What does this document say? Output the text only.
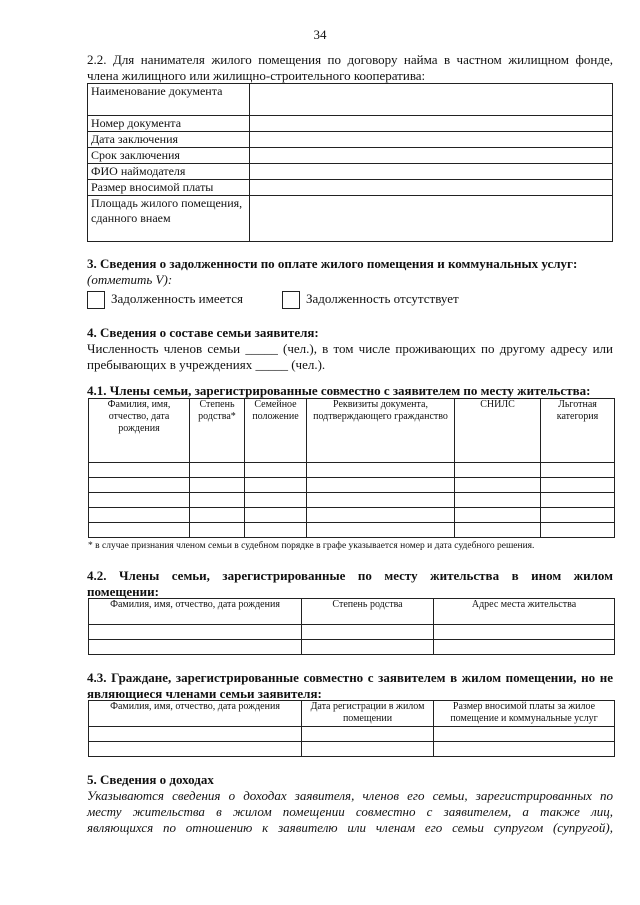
34
2.2. Для нанимателя жилого помещения по договору найма в частном жилищном фонде,
члена жилищного или жилищно-строительного кооператива:
Наименование документа	
Номер документа	
Дата заключения	
Срок заключения	
ФИО наймодателя	
Размер вносимой платы	
Площадь жилого помещения, сданного внаем	
3. Сведения о задолженности по оплате жилого помещения и коммунальных услуг:
(отметить V):
Задолженность имеется	Задолженность отсутствует
4. Сведения о составе семьи заявителя:
Численность членов семьи _____ (чел.), в том числе проживающих по другому адресу или
пребывающих в учреждениях _____ (чел.).
4.1. Члены семьи, зарегистрированные совместно с заявителем по месту жительства:
Фамилия, имя, отчество, дата рождения	Степень родства*	Семейное положение	Реквизиты документа, подтверждающего гражданство	СНИЛС	Льготная категория

* в случае признания членом семьи в судебном порядке в графе указывается номер и дата судебного решения.
4.2. Члены семьи, зарегистрированные по месту жительства в ином жилом
помещении:
Фамилия, имя, отчество, дата рождения	Степень родства	Адрес места жительства

4.3. Граждане, зарегистрированные совместно с заявителем в жилом помещении, но не
являющиеся членами семьи заявителя:
Фамилия, имя, отчество, дата рождения	Дата регистрации в жилом помещении	Размер вносимой платы за жилое помещение и коммунальные услуг

5. Сведения о доходах
Указываются сведения о доходах заявителя, членов его семьи, зарегистрированных по
месту жительства в жилом помещении совместно с заявителем, а также лиц,
являющихся по отношению к заявителю или членам его семьи супругом (супругой),
